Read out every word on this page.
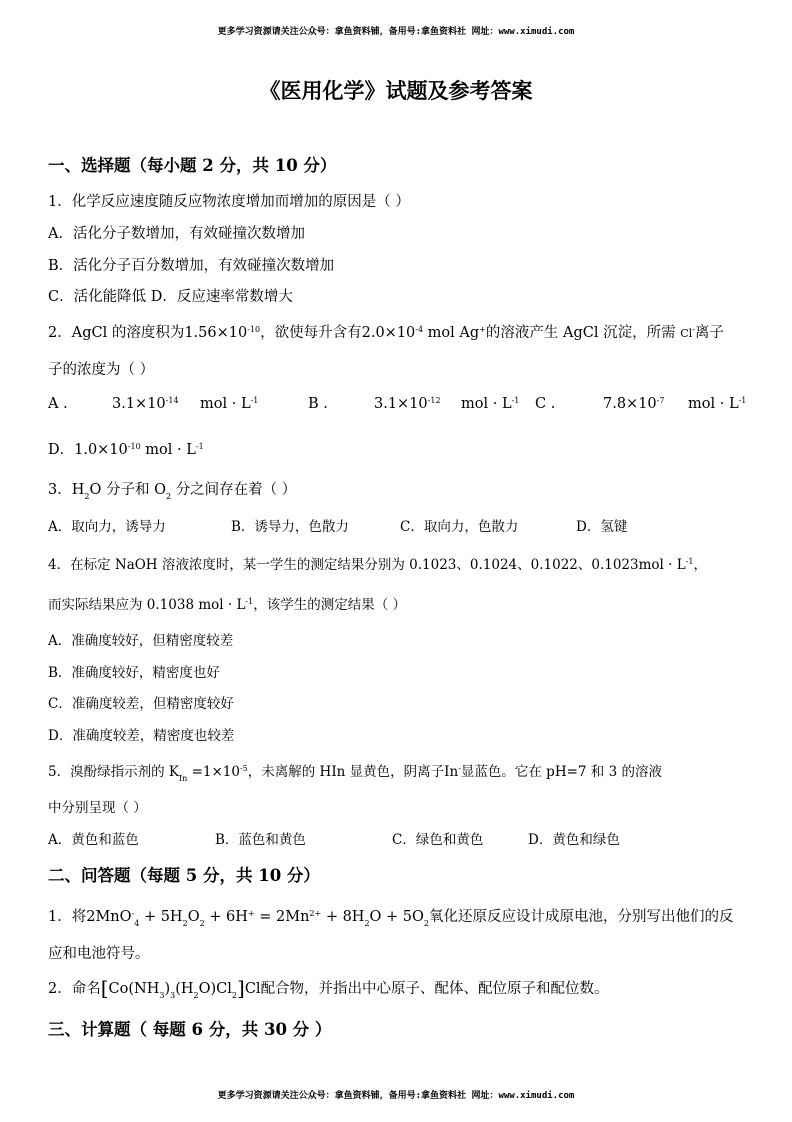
更多学习资源请关注公众号：拿鱼资料铺，备用号:拿鱼资料社 网址：www.ximudi.com
《医用化学》试题及参考答案
一、选择题（每小题 2 分，共 10 分）
1．化学反应速度随反应物浓度增加而增加的原因是（ ）
A．活化分子数增加，有效碰撞次数增加
B．活化分子百分数增加，有效碰撞次数增加
C．活化能降低 D．反应速率常数增大
2．AgCl 的溶度积为$1.56\times 10^{-10}$，欲使每升含有$2.0\times 10^{-4}$ mol Ag+的溶液产生 AgCl 沉淀，所需 Cl-离子
子的浓度为（ ）
A .	$3.1\times 10^{-14}$ mol · $L^{-1}$	B .	$3.1\times 10^{-12}$ mol · $L^{-1}$ C .	$7.8\times 10^{-7}$ mol · $L^{-1}$
D．$1.0\times 10^{-10}$ mol · $L^{-1}$
3．$H_2O$ 分子和 $O_2$ 分之间存在着（ ）
A．取向力，诱导力	B．诱导力，色散力	C．取向力，色散力	D．氢键
4．在标定 NaOH 溶液浓度时，某一学生的测定结果分别为 0.1023、0.1024、0.1022、$0.1023mol \cdot L^{-1}$，
而实际结果应为 0.1038 mol · $L^{-1}$，该学生的测定结果（ ）
A．准确度较好，但精密度较差
B．准确度较好，精密度也好
C．准确度较差，但精密度较好
D．准确度较差，精密度也较差
5．溴酚绿指示剂的 $K_{In} =1\times 10^{-5}$，未离解的 HIn 显黄色，阴离子In-显蓝色。它在 pH=7 和 3 的溶液
中分别呈现（ ）
A．黄色和蓝色	B．蓝色和黄色	C．绿色和黄色	D．黄色和绿色
二、问答题（每题 5 分，共 10 分）
1．将$2MnO^-_4 + 5H_2O_2 + 6H^+ = 2Mn^{2+} + 8H_2O + 5O_2$氧化还原反应设计成原电池，分别写出他们的反
应和电池符号。
2．命名$[Co(NH_3)_3(H_2O)Cl_2]Cl$配合物，并指出中心原子、配体、配位原子和配位数。
三、计算题（ 每题 6 分，共 30 分 ）
更多学习资源请关注公众号：拿鱼资料铺，备用号:拿鱼资料社 网址：www.ximudi.com
